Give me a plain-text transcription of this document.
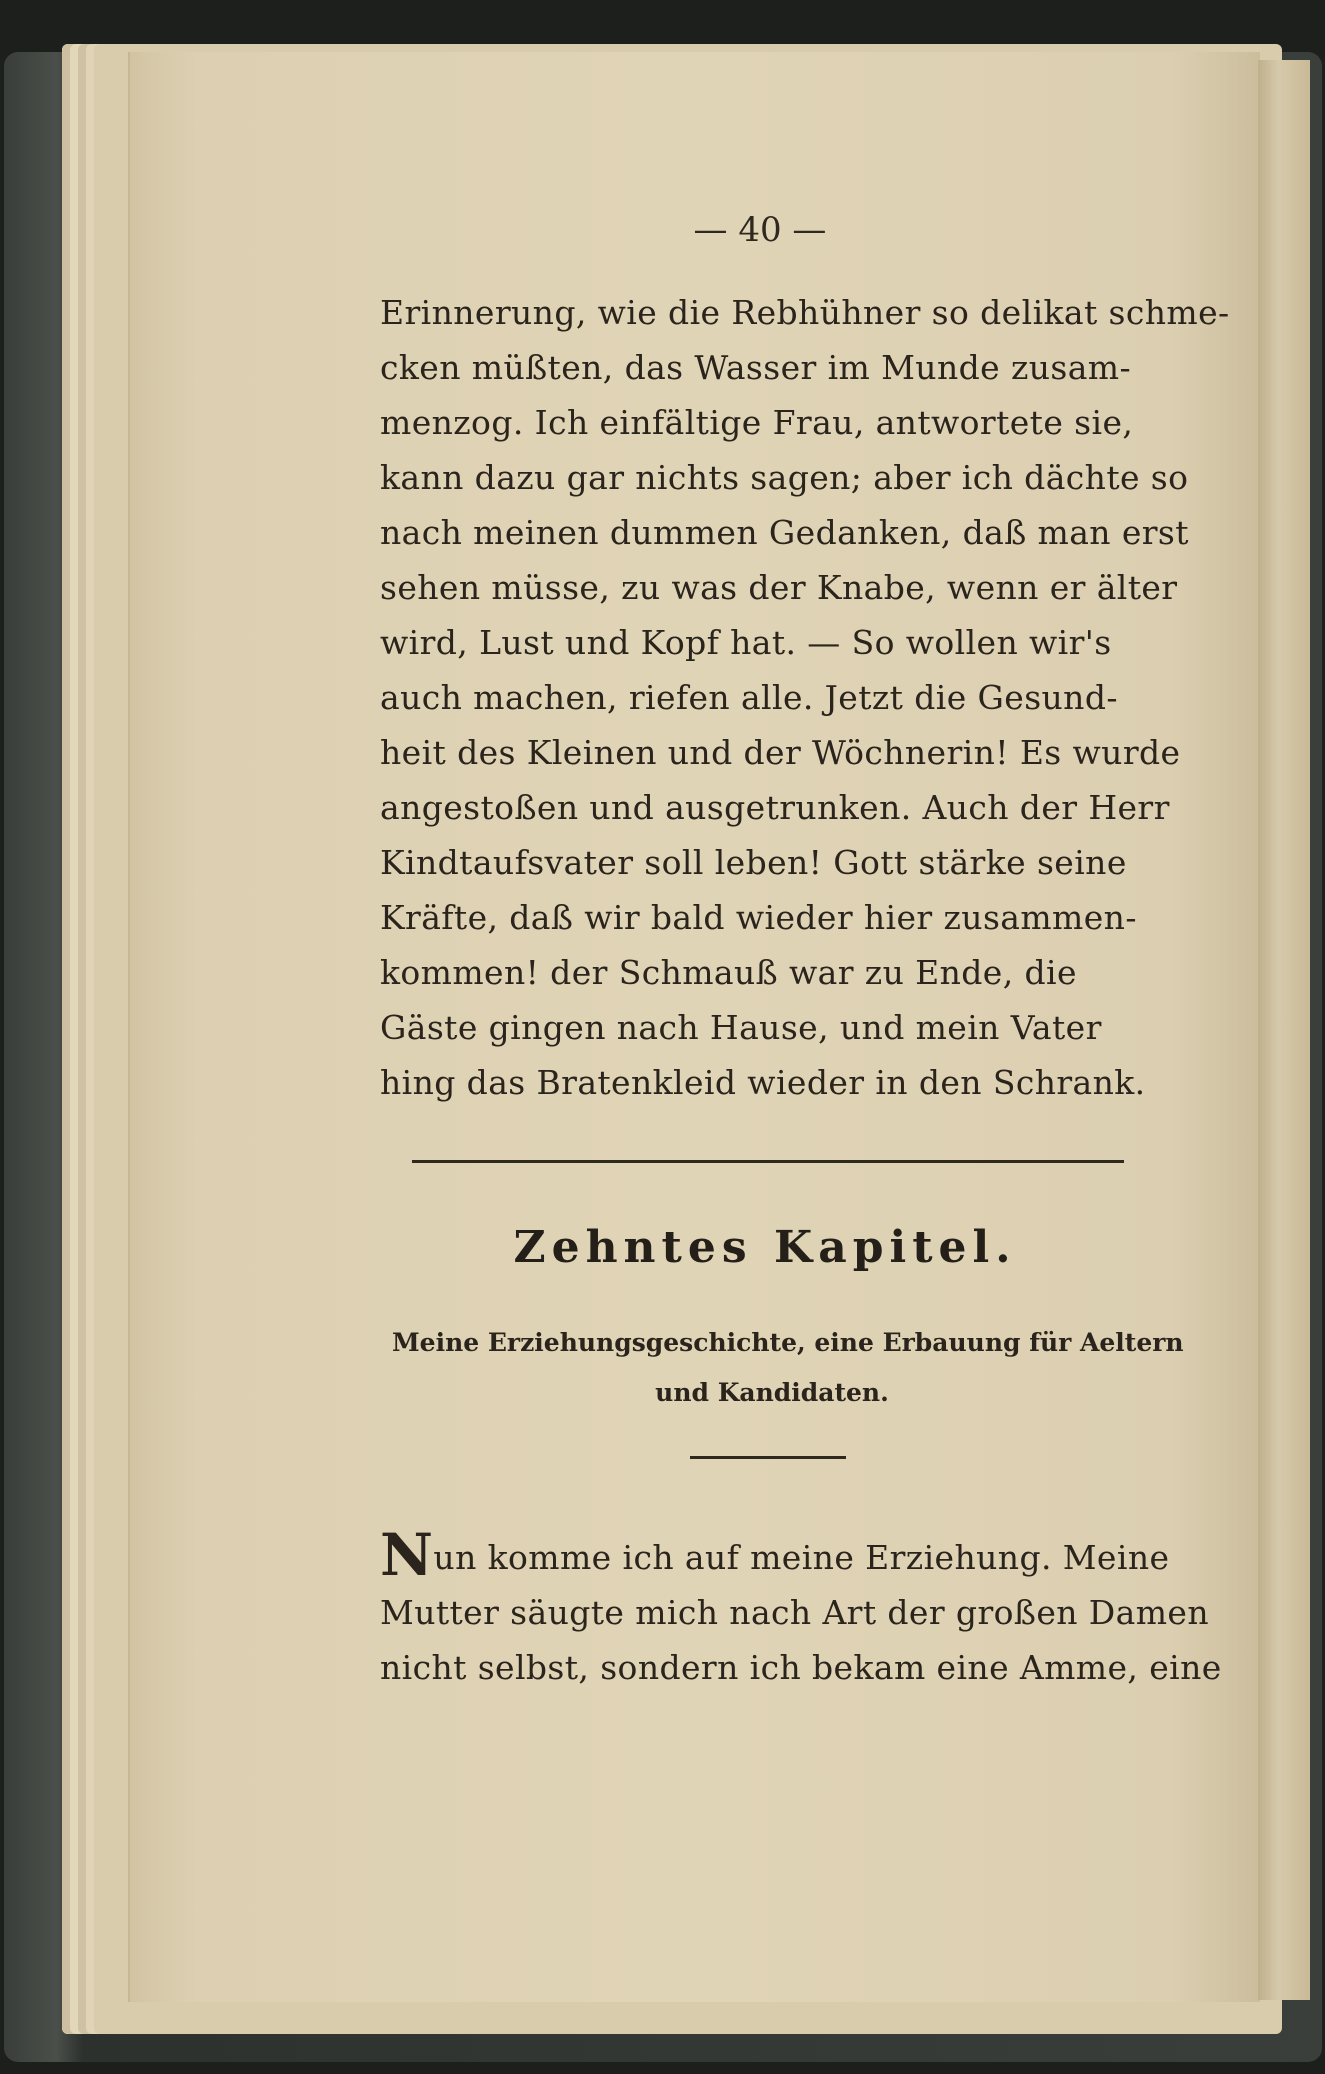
— 40 —
Erinnerung, wie die Rebhühner so delikat schme-
cken müßten, das Wasser im Munde zusam-
menzog. Ich einfältige Frau, antwortete sie,
kann dazu gar nichts sagen; aber ich dächte so
nach meinen dummen Gedanken, daß man erst
sehen müsse, zu was der Knabe, wenn er älter
wird, Lust und Kopf hat. — So wollen wir's
auch machen, riefen alle. Jetzt die Gesund-
heit des Kleinen und der Wöchnerin! Es wurde
angestoßen und ausgetrunken. Auch der Herr
Kindtaufsvater soll leben! Gott stärke seine
Kräfte, daß wir bald wieder hier zusammen-
kommen! der Schmauß war zu Ende, die
Gäste gingen nach Hause, und mein Vater
hing das Bratenkleid wieder in den Schrank.
Zehntes Kapitel.
Meine Erziehungsgeschichte, eine Erbauung für Aeltern
und Kandidaten.
Nun komme ich auf meine Erziehung. Meine
Mutter säugte mich nach Art der großen Damen
nicht selbst, sondern ich bekam eine Amme, eine
